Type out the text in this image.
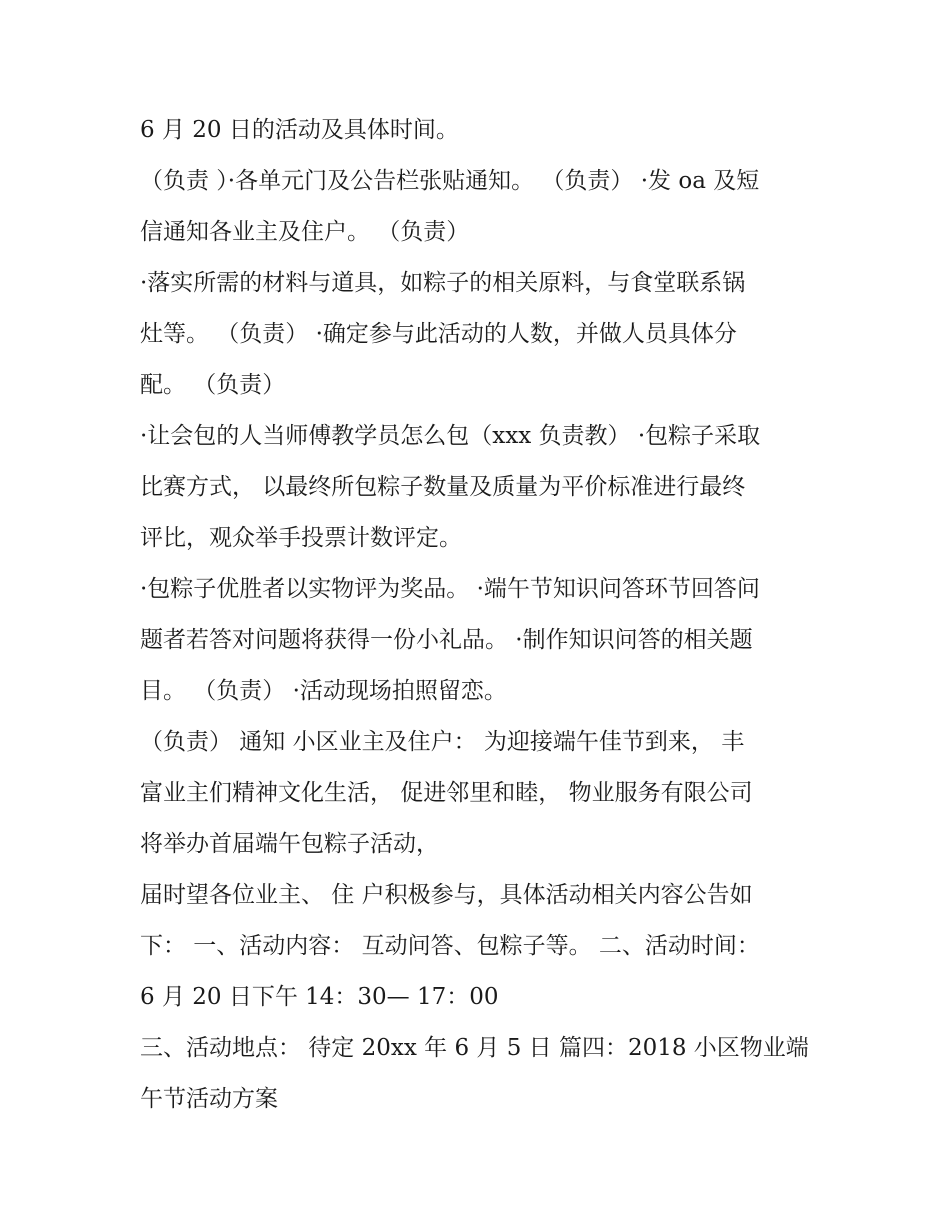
6 月 20 日的活动及具体时间。
（负责 ）·各单元门及公告栏张贴通知。 （负责） ·发 oa 及短
信通知各业主及住户。 （负责）
·落实所需的材料与道具，如粽子的相关原料，与食堂联系锅
灶等。 （负责） ·确定参与此活动的人数，并做人员具体分
配。 （负责）
·让会包的人当师傅教学员怎么包（xxx 负责教） ·包粽子采取
比赛方式， 以最终所包粽子数量及质量为平价标准进行最终
评比，观众举手投票计数评定。
·包粽子优胜者以实物评为奖品。 ·端午节知识问答环节回答问
题者若答对问题将获得一份小礼品。 ·制作知识问答的相关题
目。 （负责） ·活动现场拍照留恋。
（负责） 通知 小区业主及住户： 为迎接端午佳节到来， 丰
富业主们精神文化生活， 促进邻里和睦， 物业服务有限公司
将举办首届端午包粽子活动，
届时望各位业主、 住 户积极参与，具体活动相关内容公告如
下： 一、活动内容： 互动问答、包粽子等。 二、活动时间：
6 月 20 日下午 14：30— 17：00
三、活动地点： 待定 20xx 年 6 月 5 日 篇四：2018 小区物业端
午节活动方案
